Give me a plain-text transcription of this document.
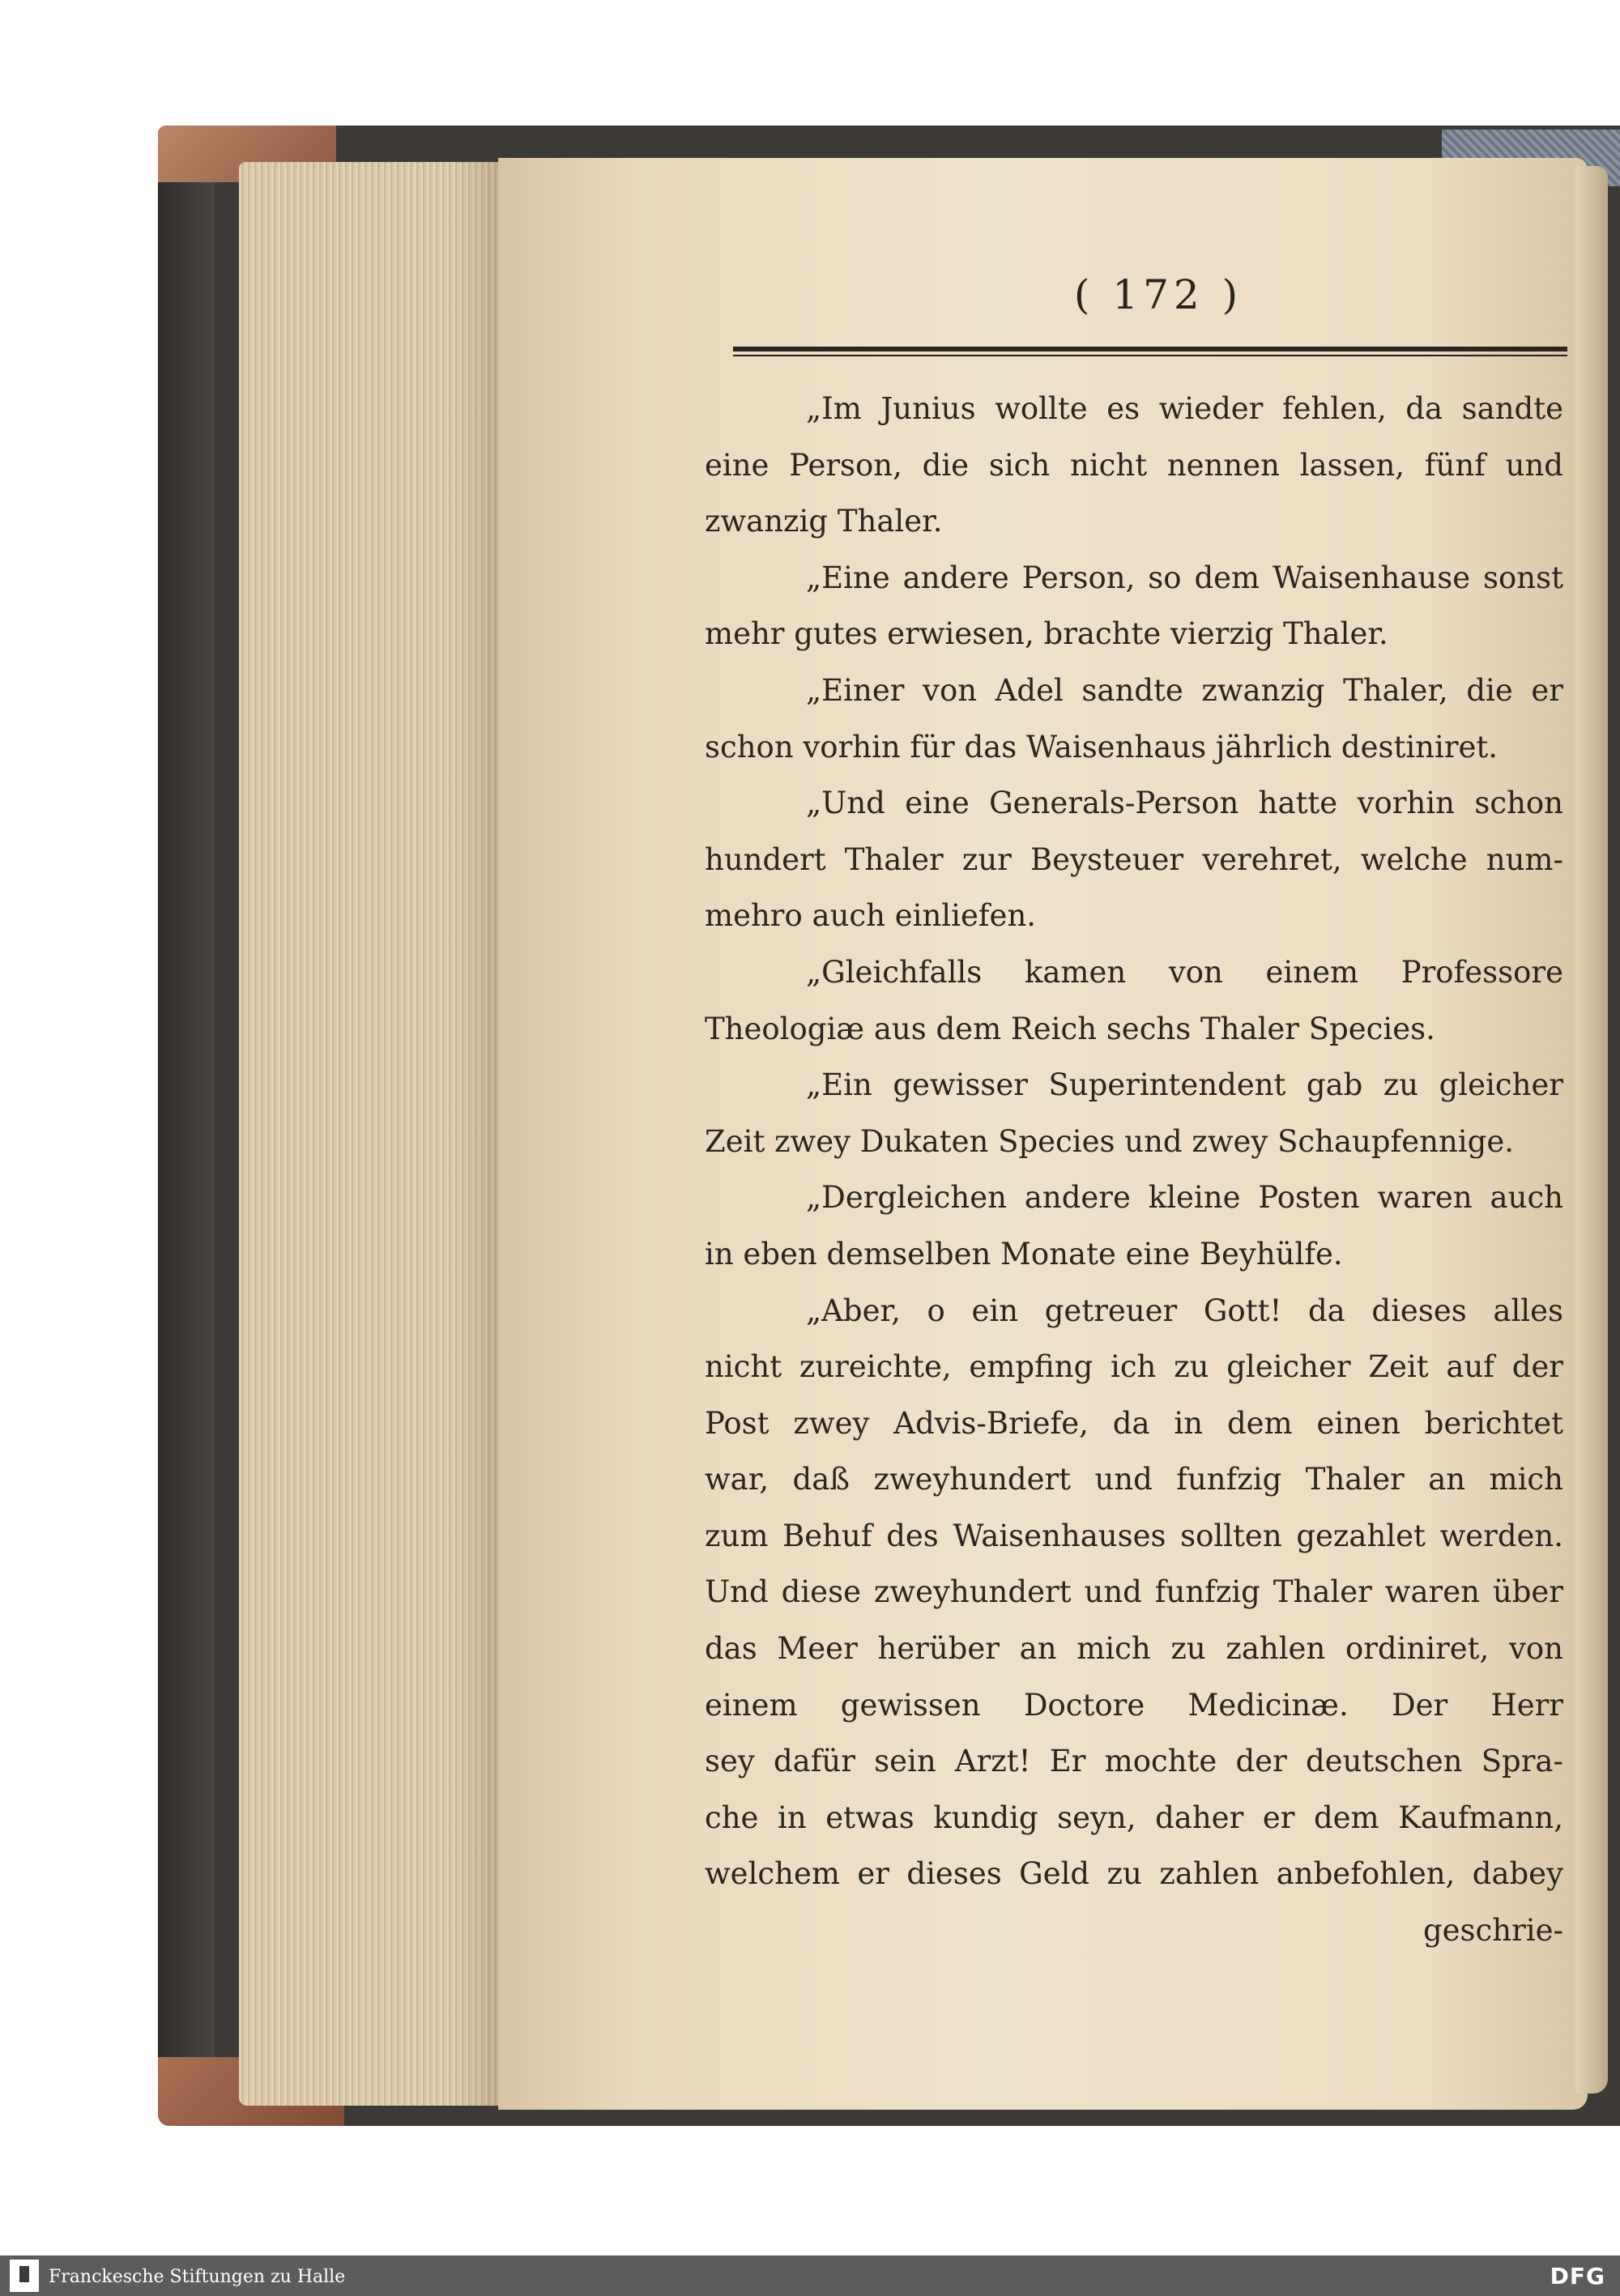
( 172 )
„Im Junius wollte es wieder fehlen, da sandte
eine Person, die sich nicht nennen lassen, fünf und
zwanzig Thaler.
„Eine andere Person, so dem Waisenhause sonst
mehr gutes erwiesen, brachte vierzig Thaler.
„Einer von Adel sandte zwanzig Thaler, die er
schon vorhin für das Waisenhaus jährlich destiniret.
„Und eine Generals-Person hatte vorhin schon
hundert Thaler zur Beysteuer verehret, welche num-
mehro auch einliefen.
„Gleichfalls kamen von einem Professore
Theologiæ aus dem Reich sechs Thaler Species.
„Ein gewisser Superintendent gab zu gleicher
Zeit zwey Dukaten Species und zwey Schaupfennige.
„Dergleichen andere kleine Posten waren auch
in eben demselben Monate eine Beyhülfe.
„Aber, o ein getreuer Gott! da dieses alles
nicht zureichte, empfing ich zu gleicher Zeit auf der
Post zwey Advis-Briefe, da in dem einen berichtet
war, daß zweyhundert und funfzig Thaler an mich
zum Behuf des Waisenhauses sollten gezahlet werden.
Und diese zweyhundert und funfzig Thaler waren über
das Meer herüber an mich zu zahlen ordiniret, von
einem gewissen Doctore Medicinæ. Der Herr
sey dafür sein Arzt! Er mochte der deutschen Spra-
che in etwas kundig seyn, daher er dem Kaufmann,
welchem er dieses Geld zu zahlen anbefohlen, dabey
geschrie-
Franckesche Stiftungen zu Halle	DFG
